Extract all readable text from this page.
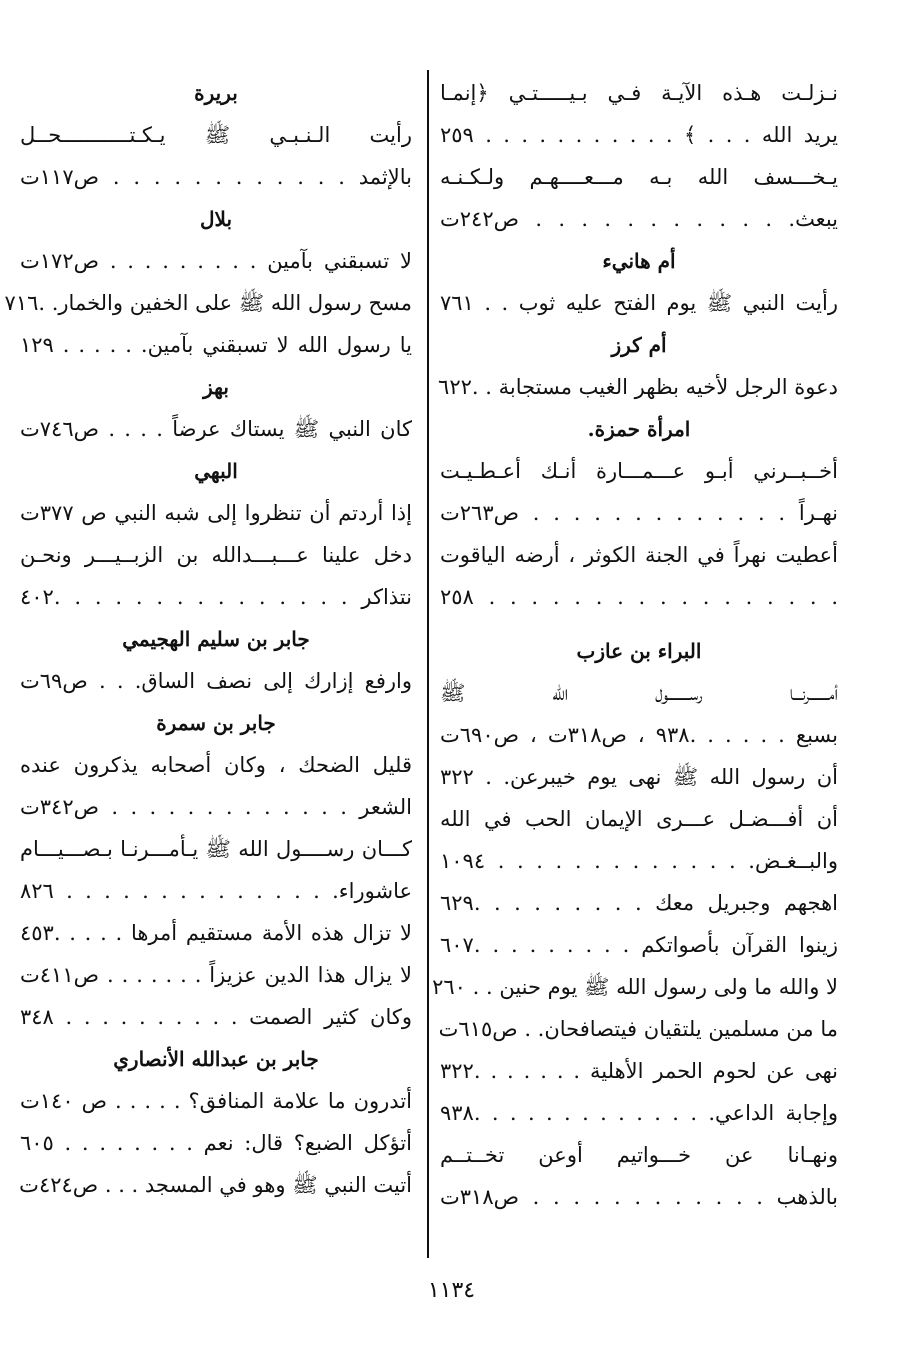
نـزلـت هـذه الآيـة فـي بـيـــــتـي ﴿إنمـا
يريد الله . . . ﴾ . . . . . . . . . . . ٢٥٩
يـخـــسف الله بـه مـــعــــهـم ولـكـنـه
يبعث. . . . . . . . . . . . ص٢٤٢ت
أم هانيء
رأيت النبي ﷺ يوم الفتح عليه ثوب . . ٧٦١
أم كرز
دعوة الرجل لأخيه بظهر الغيب مستجابة . .٦٢٢
امرأة حمزة.
أخــبــرني أبـو عـــمـــارة أنـك أعـطـيـت
نهـراً . . . . . . . . . . . . . ص٢٦٣ت
أعطيت نهراً في الجنة الكوثر ، أرضه الياقوت
. . . . . . . . . . . . . . . . . ٢٥٨
البراء بن عازب
أمـــــــرنـــا رســــــــول الله ﷺ
بسبع . . . . . .٩٣٨ ، ص٣١٨ت ، ص٦٩٠ت
أن رسول الله ﷺ نهى يوم خيبرعن. . ٣٢٢
أن أفـــضـل عـــرى الإيمان الحب في الله
والبــغـض. . . . . . . . . . . . . . ١٠٩٤
اهجهم وجبريل معك . . . . . . . . .٦٢٩
زينوا القرآن بأصواتكم . . . . . . . . .٦٠٧
لا والله ما ولى رسول الله ﷺ يوم حنين . . ٢٦٠
ما من مسلمين يلتقيان فيتصافحان. . ص٦١٥ت
نهى عن لحوم الحمر الأهلية . . . . . . .٣٢٢
وإجابة الداعي. . . . . . . . . . . . . .٩٣٨
ونهـانا عن خـــواتيم أوعن تخــتــم
بالذهب . . . . . . . . . . . . ص٣١٨ت
بريرة
رأيت الـنـبـي ﷺ يـكـتـــــــــــحــل
بالإثمد . . . . . . . . . . . . ص١١٧ت
بلال
لا تسبقني بآمين . . . . . . . . . ص١٧٢ت
مسح رسول الله ﷺ على الخفين والخمار. .٧١٦
يا رسول الله لا تسبقني بآمين. . . . . . ١٢٩
بهز
كان النبي ﷺ يستاك عرضاً . . . . ص٧٤٦ت
البهي
إذا أردتم أن تنظروا إلى شبه النبي ص ٣٧٧ت
دخل علينا عـــبـــدالله بن الزبــيـــر ونحـن
نتذاكر . . . . . . . . . . . . . . .٤٠٢
جابر بن سليم الهجيمي
وارفع إزارك إلى نصف الساق. . . ص٦٩ت
جابر بن سمرة
قليل الضحك ، وكان أصحابه يذكرون عنده
الشعر . . . . . . . . . . . . . ص٣٤٢ت
كـــان رســــول الله ﷺ يـأمـــرنـا بـصـــيـــام
عاشوراء. . . . . . . . . . . . . . . ٨٢٦
لا تزال هذه الأمة مستقيم أمرها . . . . .٤٥٣
لا يزال هذا الدين عزيزاً . . . . . . . ص٤١١ت
وكان كثير الصمت . . . . . . . . . . ٣٤٨
جابر بن عبدالله الأنصاري
أتدرون ما علامة المنافق؟ . . . . . ص ١٤٠ت
أتؤكل الضبع؟ قال: نعم . . . . . . . . ٦٠٥
أتيت النبي ﷺ وهو في المسجد . . . ص٤٢٤ت
١١٣٤
